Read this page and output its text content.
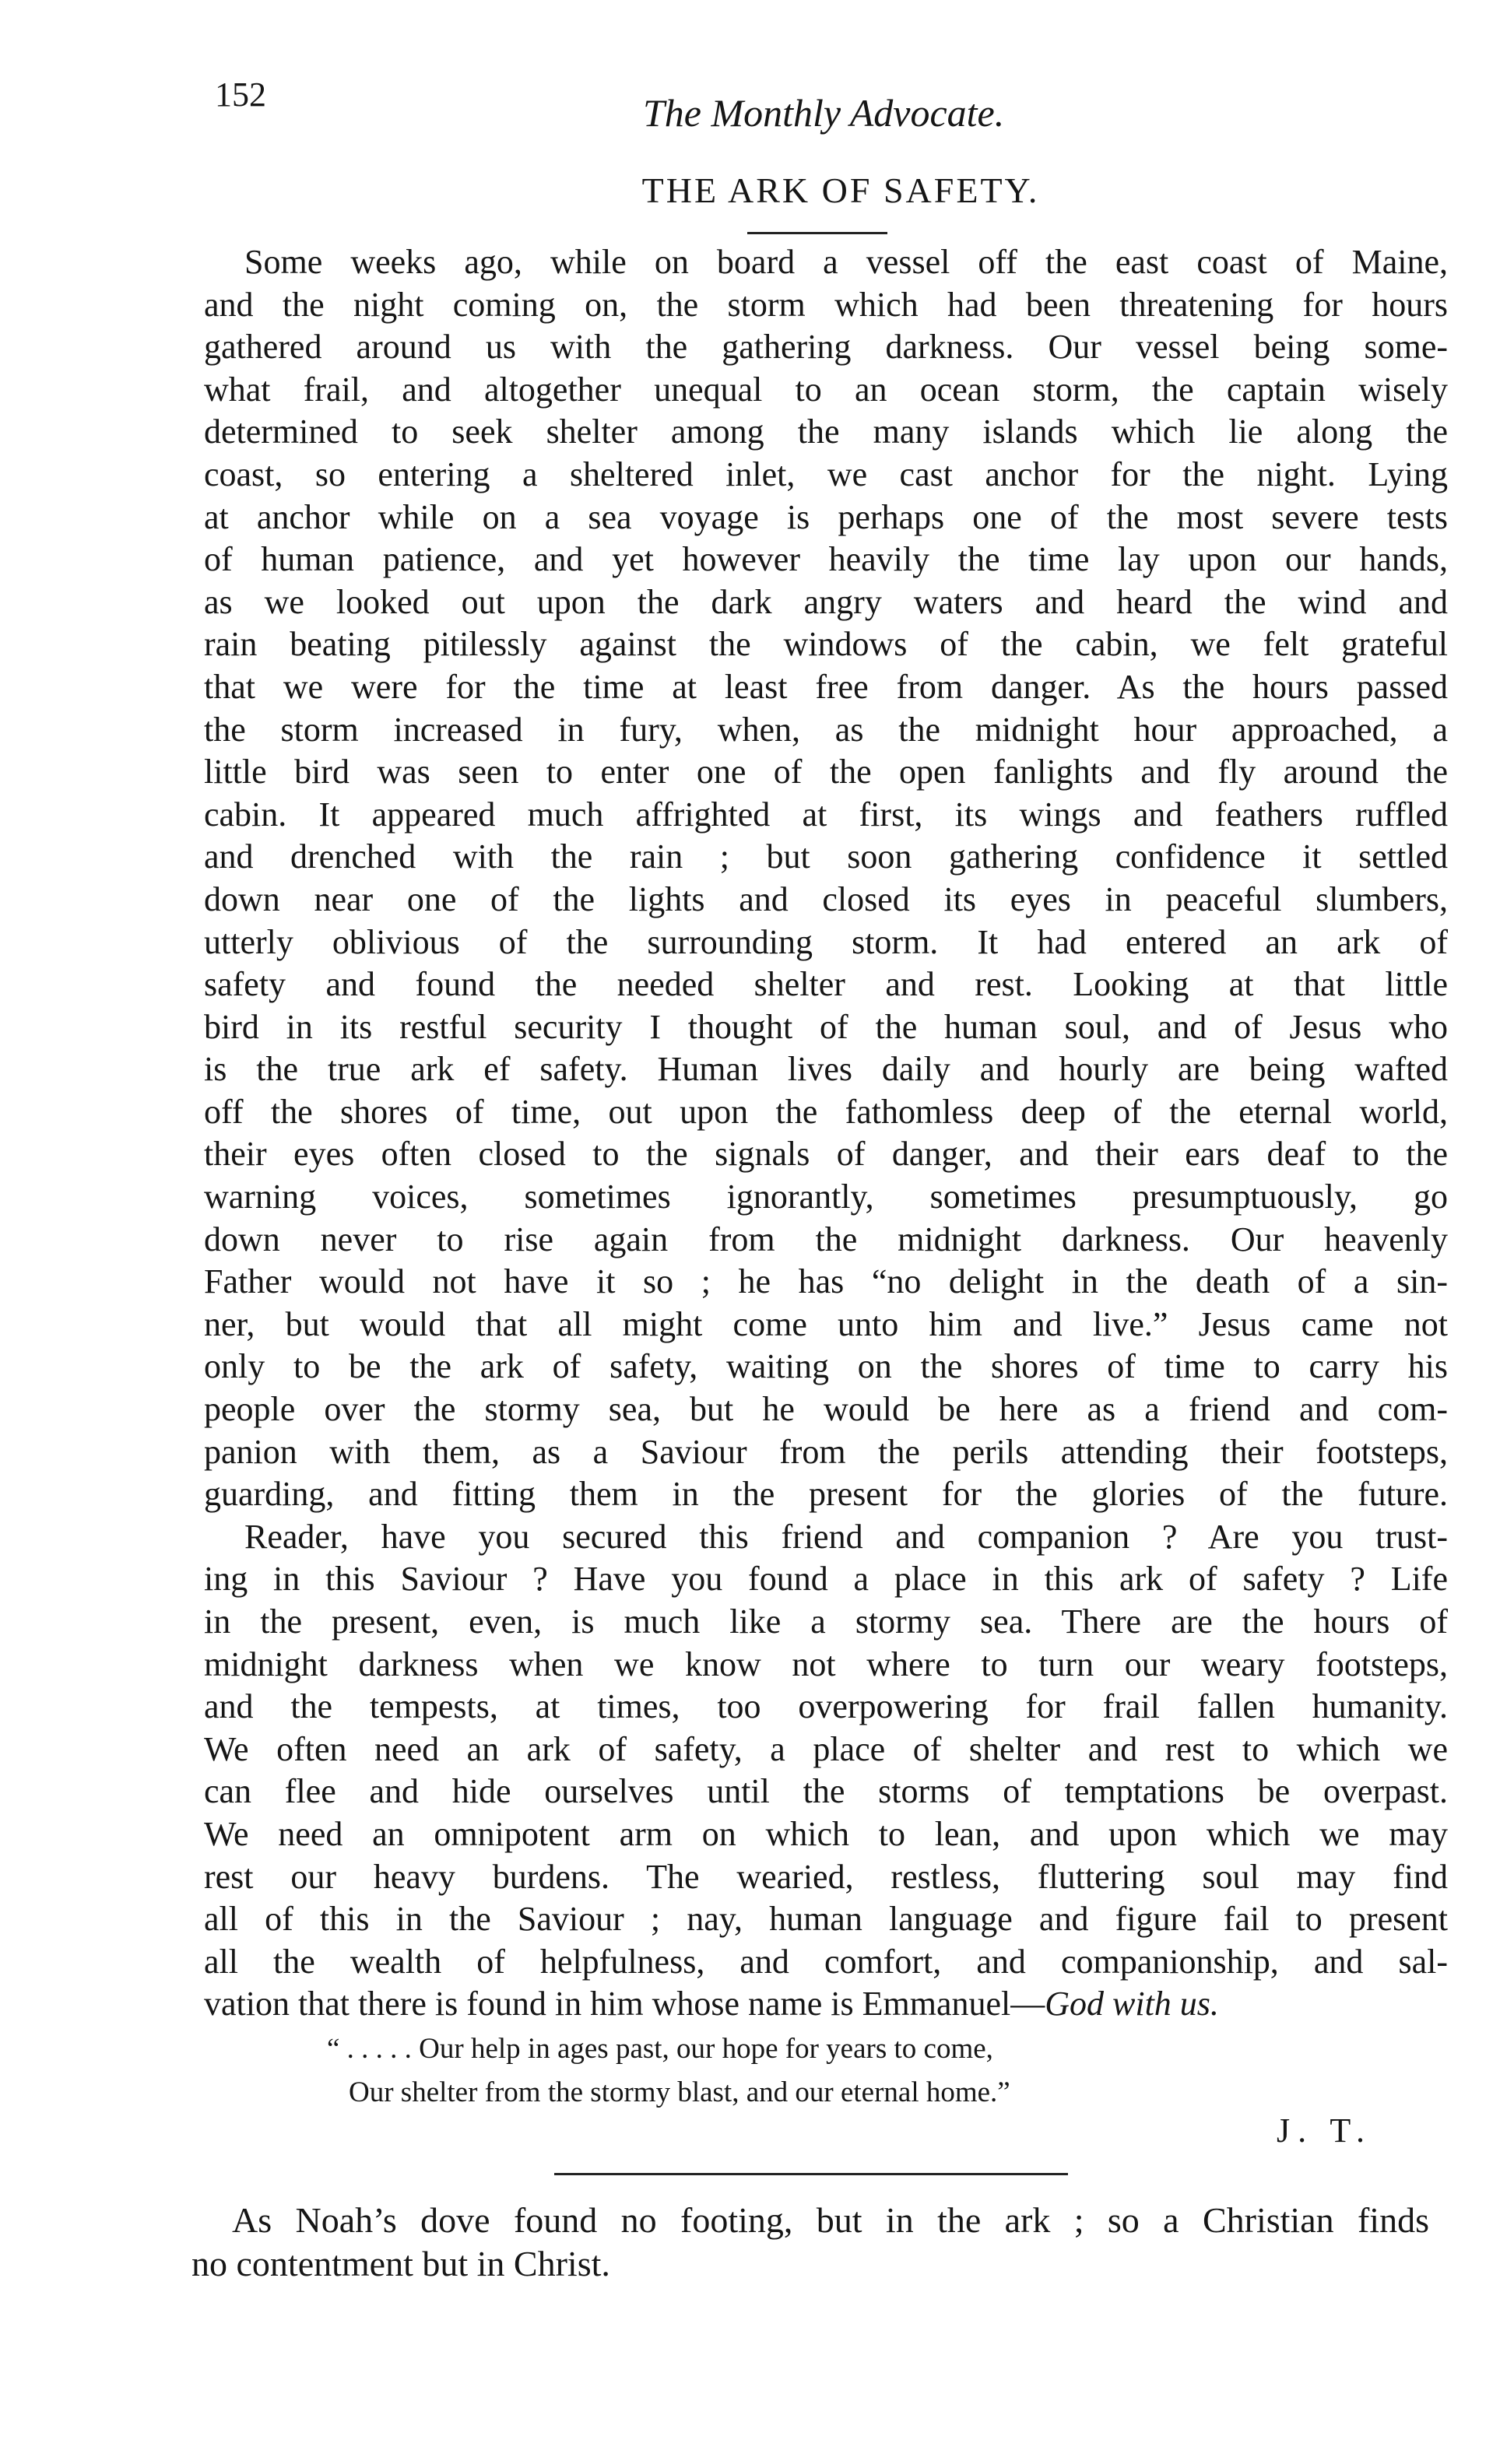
152	The Monthly Advocate.
THE ARK OF SAFETY.
Some weeks ago, while on board a vessel off the east coast of Maine,
and the night coming on, the storm which had been threatening for hours
gathered around us with the gathering darkness. Our vessel being some-
what frail, and altogether unequal to an ocean storm, the captain wisely
determined to seek shelter among the many islands which lie along the
coast, so entering a sheltered inlet, we cast anchor for the night. Lying
at anchor while on a sea voyage is perhaps one of the most severe tests
of human patience, and yet however heavily the time lay upon our hands,
as we looked out upon the dark angry waters and heard the wind and
rain beating pitilessly against the windows of the cabin, we felt grateful
that we were for the time at least free from danger. As the hours passed
the storm increased in fury, when, as the midnight hour approached, a
little bird was seen to enter one of the open fanlights and fly around the
cabin. It appeared much affrighted at first, its wings and feathers ruffled
and drenched with the rain ; but soon gathering confidence it settled
down near one of the lights and closed its eyes in peaceful slumbers,
utterly oblivious of the surrounding storm. It had entered an ark of
safety and found the needed shelter and rest. Looking at that little
bird in its restful security I thought of the human soul, and of Jesus who
is the true ark ef safety. Human lives daily and hourly are being wafted
off the shores of time, out upon the fathomless deep of the eternal world,
their eyes often closed to the signals of danger, and their ears deaf to the
warning voices, sometimes ignorantly, sometimes presumptuously, go
down never to rise again from the midnight darkness. Our heavenly
Father would not have it so ; he has “no delight in the death of a sin-
ner, but would that all might come unto him and live.” Jesus came not
only to be the ark of safety, waiting on the shores of time to carry his
people over the stormy sea, but he would be here as a friend and com-
panion with them, as a Saviour from the perils attending their footsteps,
guarding, and fitting them in the present for the glories of the future.
Reader, have you secured this friend and companion ? Are you trust-
ing in this Saviour ? Have you found a place in this ark of safety ? Life
in the present, even, is much like a stormy sea. There are the hours of
midnight darkness when we know not where to turn our weary footsteps,
and the tempests, at times, too overpowering for frail fallen humanity.
We often need an ark of safety, a place of shelter and rest to which we
can flee and hide ourselves until the storms of temptations be overpast.
We need an omnipotent arm on which to lean, and upon which we may
rest our heavy burdens. The wearied, restless, fluttering soul may find
all of this in the Saviour ; nay, human language and figure fail to present
all the wealth of helpfulness, and comfort, and companionship, and sal-
vation that there is found in him whose name is Emmanuel—God with us.
“ . . . . . Our help in ages past, our hope for years to come,
Our shelter from the stormy blast, and our eternal home.”
J. T.
As Noah’s dove found no footing, but in the ark ; so a Christian finds
no contentment but in Christ.
